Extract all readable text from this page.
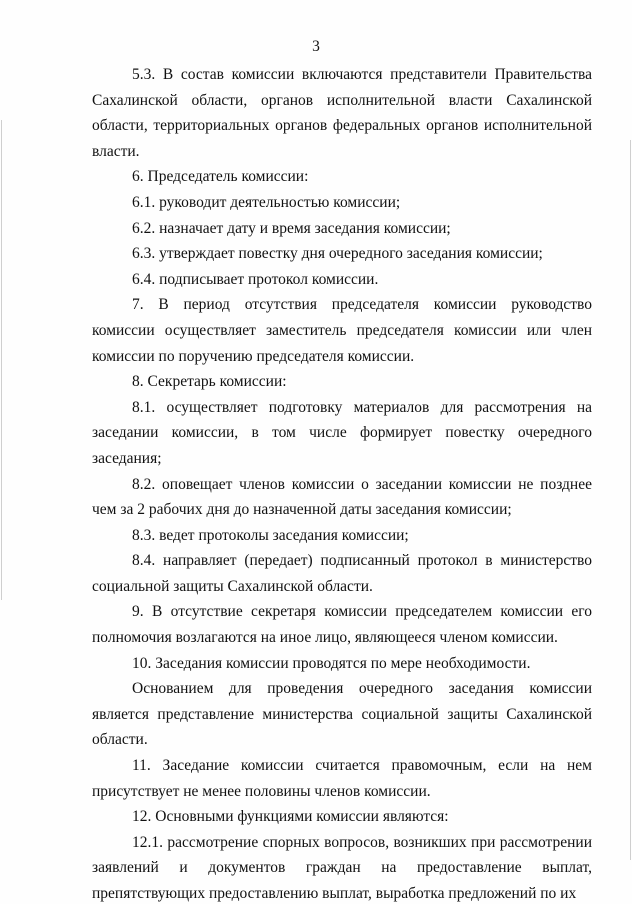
3

5.3. В состав комиссии включаются представители Правительства Сахалинской области, органов исполнительной власти Сахалинской области, территориальных органов федеральных органов исполнительной власти.

6. Председатель комиссии:

6.1. руководит деятельностью комиссии;

6.2. назначает дату и время заседания комиссии;

6.3. утверждает повестку дня очередного заседания комиссии;

6.4. подписывает протокол комиссии.

7. В период отсутствия председателя комиссии руководство комиссии осуществляет заместитель председателя комиссии или член комиссии по поручению председателя комиссии.

8. Секретарь комиссии:

8.1. осуществляет подготовку материалов для рассмотрения на заседании комиссии, в том числе формирует повестку очередного заседания;

8.2. оповещает членов комиссии о заседании комиссии не позднее чем за 2 рабочих дня до назначенной даты заседания комиссии;

8.3. ведет протоколы заседания комиссии;

8.4. направляет (передает) подписанный протокол в министерство социальной защиты Сахалинской области.

9. В отсутствие секретаря комиссии председателем комиссии его полномочия возлагаются на иное лицо, являющееся членом комиссии.

10. Заседания комиссии проводятся по мере необходимости.

Основанием для проведения очередного заседания комиссии является представление министерства социальной защиты Сахалинской области.

11. Заседание комиссии считается правомочным, если на нем присутствует не менее половины членов комиссии.

12. Основными функциями комиссии являются:

12.1. рассмотрение спорных вопросов, возникших при рассмотрении заявлений и документов граждан на предоставление выплат, препятствующих предоставлению выплат, выработка предложений по их
